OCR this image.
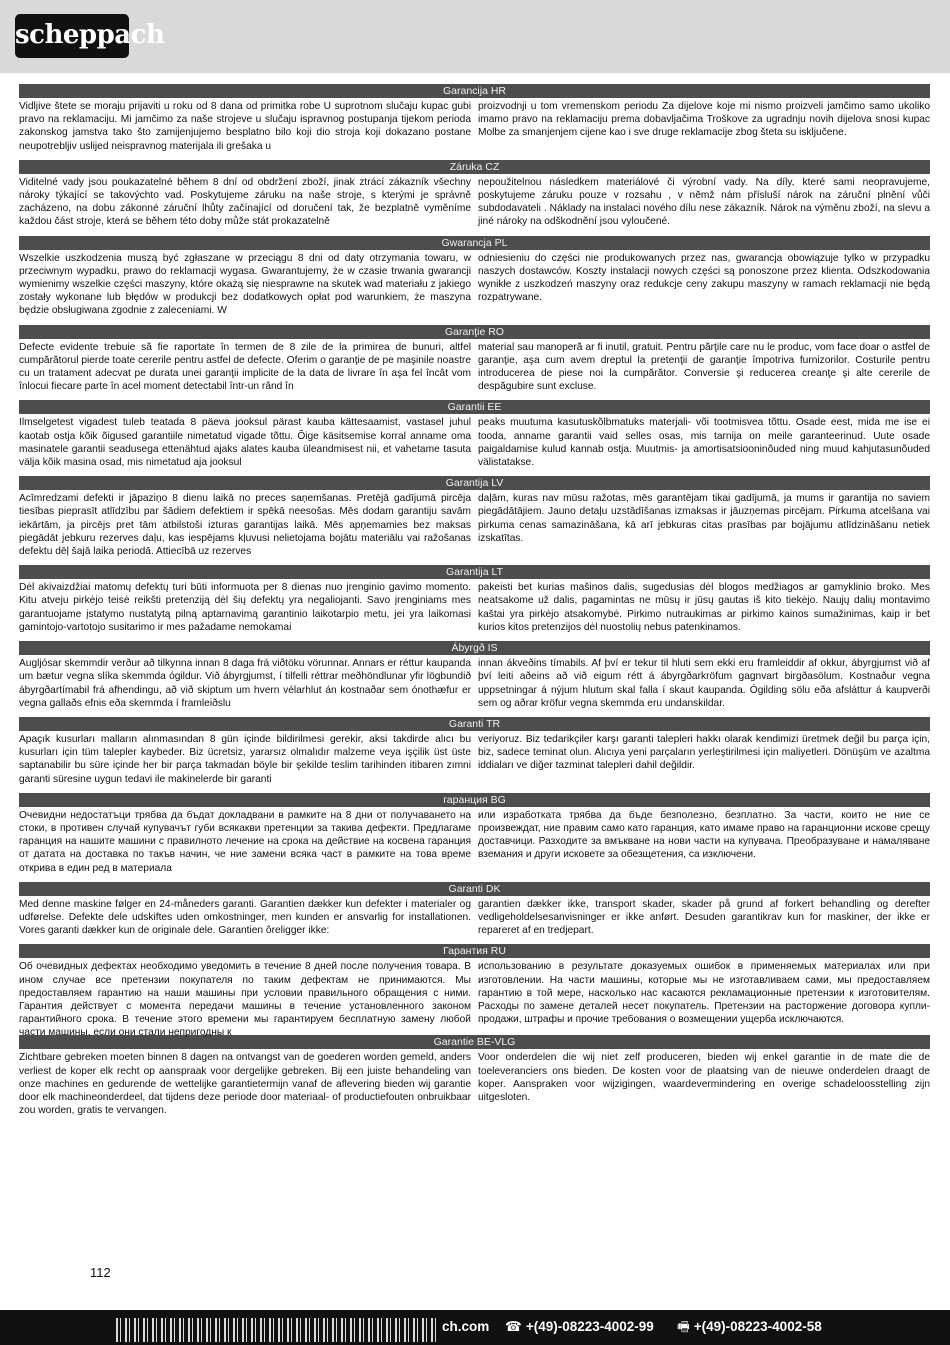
scheppach
Garancija HR
Vidljive štete se moraju prijaviti u roku od 8 dana od primitka robe U suprotnom slučaju kupac gubi pravo na reklamaciju. Mi jamčimo za naše strojeve u slučaju ispravnog postupanja tijekom perioda zakonskog jamstva tako što zamijenjujemo besplatno bilo koji dio stroja koji dokazano postane neupotrebljiv uslijed neispravnog materijala ili grešaka u
proizvodnji u tom vremenskom periodu Za dijelove koje mi nismo proizveli jamčimo samo ukoliko imamo pravo na reklamaciju prema dobavljačima Troškove za ugradnju novih dijelova snosi kupac Molbe za smanjenjem cijene kao i sve druge reklamacije zbog šteta su isključene.
Záruka CZ
Viditelné vady jsou poukazatelné během 8 dní od obdržení zboží, jinak ztrácí zákazník všechny nároky týkající se takovýchto vad. Poskytujeme záruku na naše stroje, s kterými je správně zacházeno, na dobu zákonné záruční lhůty začínající od doručení tak, že bezplatně vyměníme každou část stroje, která se během této doby může stát prokazatelně
nepoužitelnou následkem materiálové či výrobní vady. Na díly, které sami neopravujeme, poskytujeme záruku pouze v rozsahu , v němž nám přísluší nárok na záruční plnění vůči subdodavateli . Náklady na instalaci nového dílu nese zákazník. Nárok na výměnu zboží, na slevu a jiné nároky na odškodnění jsou vyloučené.
Gwarancja PL
Wszelkie uszkodzenia muszą być zgłaszane w przeciągu 8 dni od daty otrzymania towaru, w przeciwnym wypadku, prawo do reklamacji wygasa. Gwarantujemy, że w czasie trwania gwarancji wymienimy wszelkie części maszyny, które okażą się niesprawne na skutek wad materiału z jakiego zostały wykonane lub błędów w produkcji bez dodatkowych opłat pod warunkiem, że maszyna będzie obsługiwana zgodnie z zaleceniami. W
odniesieniu do części nie produkowanych przez nas, gwarancja obowiązuje tylko w przypadku naszych dostawców. Koszty instalacji nowych części są ponoszone przez klienta. Odszkodowania wynikłe z uszkodzeń maszyny oraz redukcje ceny zakupu maszyny w ramach reklamacji nie będą rozpatrywane.
Garanţie RO
Defecte evidente trebuie să fie raportate în termen de 8 zile de la primirea de bunuri, altfel cumpărătorul pierde toate cererile pentru astfel de defecte. Oferim o garanţie de pe maşinile noastre cu un tratament adecvat pe durata unei garanţii implicite de la data de livrare în aşa fel încât vom înlocui fiecare parte în acel moment detectabil într-un rând în
material sau manoperă ar fi inutil, gratuit. Pentru părţile care nu le produc, vom face doar o astfel de garanţie, aşa cum avem dreptul la pretenţii de garanţie împotriva furnizorilor. Costurile pentru introducerea de piese noi la cumpărător. Conversie şi reducerea creanţe şi alte cererile de despăgubire sunt excluse.
Garantii EE
Ilmselgetest vigadest tuleb teatada 8 päeva jooksul pärast kauba kättesaamist, vastasel juhul kaotab ostja kõik õigused garantiile nimetatud vigade tõttu. Õige käsitsemise korral anname oma masinatele garantii seadusega ettenähtud ajaks alates kauba üleandmisest nii, et vahetame tasuta välja kõik masina osad, mis nimetatud aja jooksul
peaks muutuma kasutuskõlbmatuks materjali- või tootmisvea tõttu. Osade eest, mida me ise ei tooda, anname garantii vaid selles osas, mis tarnija on meile garanteerinud. Uute osade paigaldamise kulud kannab ostja. Muutmis- ja amortisatsiooninõuded ning muud kahjutasunõuded välistatakse.
Garantija LV
Acīmredzami defekti ir jāpaziņo 8 dienu laikā no preces saņemšanas. Pretējā gadījumā pircēja tiesības pieprasīt atlīdzību par šādiem defektiem ir spēkā neesošas. Mēs dodam garantiju savām iekārtām, ja pircējs pret tām atbilstoši izturas garantijas laikā. Mēs apņemamies bez maksas piegādāt jebkuru rezerves daļu, kas iespējams kļuvusi nelietojama bojātu materiālu vai ražošanas defektu dēļ šajā laika periodā. Attiecībā uz rezerves
daļām, kuras nav mūsu ražotas, mēs garantējam tikai gadījumā, ja mums ir garantija no saviem piegādātājiem. Jauno detaļu uzstādīšanas izmaksas ir jāuzņemas pircējam. Pirkuma atcelšana vai pirkuma cenas samazināšana, kā arī jebkuras citas prasības par bojājumu atlīdzināšanu netiek izskatītas.
Garantija LT
Dėl akivaizdžiai matomų defektų turi būti informuota per 8 dienas nuo įrenginio gavimo momento. Kitu atveju pirkėjo teisė reikšti pretenziją dėl šių defektų yra negaliojanti. Savo įrenginiams mes garantuojame įstatymo nustatytą pilną aptarnavimą garantinio laikotarpio metu, jei yra laikomasi gamintojo-vartotojo susitarimo ir mes pažadame nemokamai
pakeisti bet kurias mašinos dalis, sugedusias dėl blogos medžiagos ar gamyklinio broko. Mes neatsakome už dalis, pagamintas ne mūsų ir jūsų gautas iš kito tiekėjo. Naujų dalių montavimo kaštai yra pirkėjo atsakomybė. Pirkimo nutraukimas ar pirkimo kainos sumažinimas, kaip ir bet kurios kitos pretenzijos dėl nuostolių nebus patenkinamos.
Ábyrgð IS
Augljósar skemmdir verður að tilkynna innan 8 daga frá viðtöku vörunnar. Annars er réttur kaupanda um bætur vegna slíka skemmda ógildur. Við ábyrgjumst, í tilfelli réttrar meðhöndlunar yfir lögbundið ábyrgðartímabil frá afhendingu, að við skiptum um hvern vélarhlut án kostnaðar sem ónothæfur er vegna gallaðs efnis eða skemmda í framleiðslu
innan ákveðins tímabils. Af því er tekur til hluti sem ekki eru framleiddir af okkur, ábyrgjumst við af því leiti aðeins að við eigum rétt á ábyrgðarkröfum gagnvart birgðasölum. Kostnaður vegna uppsetningar á nýjum hlutum skal falla í skaut kaupanda. Ógilding sölu eða afsláttur á kaupverði sem og aðrar kröfur vegna skemmda eru undanskildar.
Garanti TR
Apaçık kusurları malların alınmasından 8 gün içinde bildirilmesi gerekir, aksi takdirde alıcı bu kusurları için tüm talepler kaybeder. Biz ücretsiz, yararsız olmalıdır malzeme veya işçilik üst üste saptanabilir bu süre içinde her bir parça takmadan böyle bir şekilde teslim tarihinden itibaren zımni garanti süresine uygun tedavi ile makinelerde bir garanti
veriyoruz. Biz tedarikçiler karşı garanti talepleri hakkı olarak kendimizi üretmek değil bu parça için, biz, sadece teminat olun. Alıcıya yeni parçaların yerleştirilmesi için maliyetleri. Dönüşüm ve azaltma iddiaları ve diğer tazminat talepleri dahil değildir.
гаранция BG
Очевидни недостатъци трябва да бъдат докладвани в рамките на 8 дни от получаването на стоки, в противен случай купувачът губи всякакви претенции за такива дефекти. Предлагаме гаранция на нашите машини с правилното лечение на срока на действие на косвена гаранция от датата на доставка по такъв начин, че ние замени всяка част в рамките на това време открива в един ред в материала
или изработката трябва да бъде безполезно, безплатно. За части, които не ние се произвеждат, ние правим само като гаранция, като имаме право на гаранционни искове срещу доставчици. Разходите за вмъкване на нови части на купувача. Преобразуване и намаляване вземания и други исковете за обезщетения, са изключени.
Garanti DK
Med denne maskine følger en 24-måneders garanti. Garantien dækker kun defekter i materialer og udførelse. Defekte dele udskiftes uden omkostninger, men kunden er ansvarlig for installationen. Vores garanti dækker kun de originale dele. Garantien ôreligger ikke:
garantien dækker ikke, transport skader, skader på grund af forkert behandling og derefter vedligeholdelsesanvisninger er ikke anført. Desuden garantikrav kun for maskiner, der ikke er repareret af en tredjepart.
Гарантия RU
Об очевидных дефектах необходимо уведомить в течение 8 дней после получения товара. В ином случае все претензии покупателя по таким дефектам не принимаются. Мы предоставляем гарантию на наши машины при условии правильного обращения с ними. Гарантия действует с момента передачи машины в течение установленного законом гарантийного срока. В течение этого времени мы гарантируем бесплатную замену любой части машины, если они стали непригодны к
использованию в результате доказуемых ошибок в применяемых материалах или при изготовлении. На части машины, которые мы не изготавливаем сами, мы предоставляем гарантию в той мере, насколько нас касаются рекламационные претензии к изготовителям. Расходы по замене деталей несет покупатель. Претензии на расторжение договора купли-продажи, штрафы и прочие требования о возмещении ущерба исключаются.
Garantie BE-VLG
Zichtbare gebreken moeten binnen 8 dagen na ontvangst van de goederen worden gemeld, anders verliest de koper elk recht op aanspraak voor dergelijke gebreken. Bij een juiste behandeling van onze machines en gedurende de wettelijke garantietermijn vanaf de aflevering bieden wij garantie door elk machineonderdeel, dat tijdens deze periode door materiaal- of productiefouten onbruikbaar zou worden, gratis te vervangen.
Voor onderdelen die wij niet zelf produceren, bieden wij enkel garantie in de mate die de toeleveranciers ons bieden. De kosten voor de plaatsing van de nieuwe onderdelen draagt de koper. Aanspraken voor wijzigingen, waardevermindering en overige schadeloosstelling zijn uitgesloten.
112
ch.com ☎ +(49)-08223-4002-99 🖷 +(49)-08223-4002-58
